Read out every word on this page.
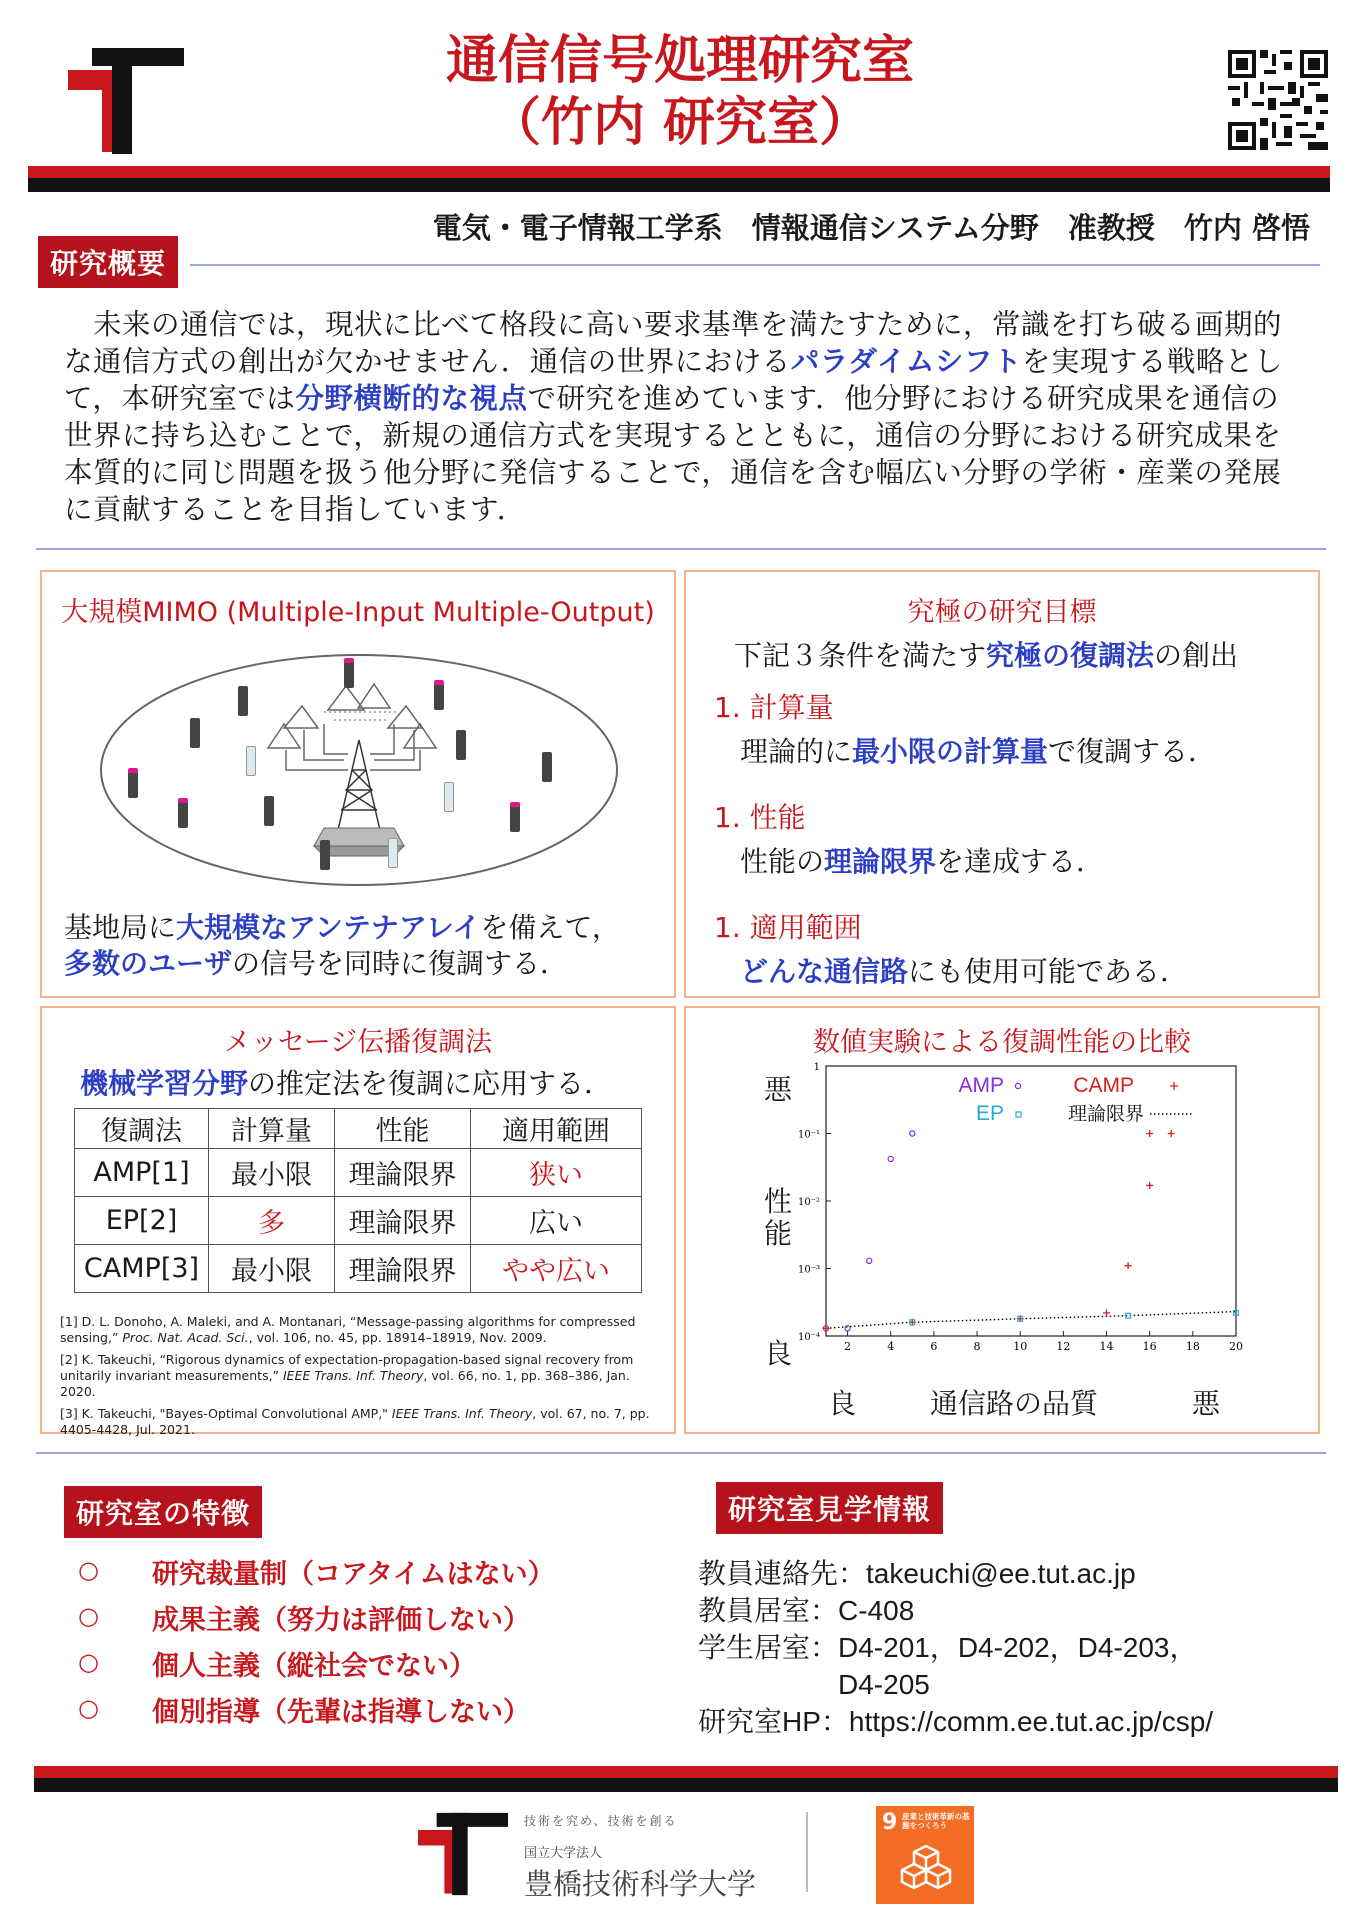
通信信号処理研究室
（竹内 研究室）
電気・電子情報工学系　情報通信システム分野　准教授　竹内 啓悟
研究概要
　未来の通信では，現状に比べて格段に高い要求基準を満たすために，常識を打ち破る画期的な通信方式の創出が欠かせません．通信の世界におけるパラダイムシフトを実現する戦略として，本研究室では分野横断的な視点で研究を進めています．他分野における研究成果を通信の世界に持ち込むことで，新規の通信方式を実現するとともに，通信の分野における研究成果を本質的に同じ問題を扱う他分野に発信することで，通信を含む幅広い分野の学術・産業の発展に貢献することを目指しています．
大規模MIMO (Multiple-Input Multiple-Output)
基地局に大規模なアンテナアレイを備えて，
多数のユーザの信号を同時に復調する．
究極の研究目標
下記３条件を満たす究極の復調法の創出
1. 計算量
理論的に最小限の計算量で復調する．
1. 性能
性能の理論限界を達成する．
1. 適用範囲
どんな通信路にも使用可能である．
メッセージ伝播復調法
機械学習分野の推定法を復調に応用する．
復調法	計算量	性能	適用範囲
AMP[1]	最小限	理論限界	狭い
EP[2]	多	理論限界	広い
CAMP[3]	最小限	理論限界	やや広い
[1] D. L. Donoho, A. Maleki, and A. Montanari, “Message-passing algorithms for compressed sensing,” Proc. Nat. Acad. Sci., vol. 106, no. 45, pp. 18914–18919, Nov. 2009.
[2] K. Takeuchi, “Rigorous dynamics of expectation-propagation-based signal recovery from unitarily invariant measurements,” IEEE Trans. Inf. Theory, vol. 66, no. 1, pp. 368–386, Jan. 2020.
[3] K. Takeuchi, "Bayes-Optimal Convolutional AMP," IEEE Trans. Inf. Theory, vol. 67, no. 7, pp. 4405-4428, Jul. 2021.
数値実験による復調性能の比較
悪
性能
良
良	通信路の品質	悪
2	4	6	8	10	12	14	16	18	20
1
10⁻¹
10⁻²
10⁻³
10⁻⁴
AMP	CAMP
EP	理論限界
研究室の特徴
○ 研究裁量制（コアタイムはない）
○ 成果主義（努力は評価しない）
○ 個人主義（縦社会でない）
○ 個別指導（先輩は指導しない）
研究室見学情報
教員連絡先：takeuchi@ee.tut.ac.jp
教員居室：C-408
学生居室：D4-201，D4-202，D4-203，
　　　　　D4-205
研究室HP：https://comm.ee.tut.ac.jp/csp/
技術を究め、技術を創る
国立大学法人
豊橋技術科学大学
9 産業と技術革新の基盤をつくろう
